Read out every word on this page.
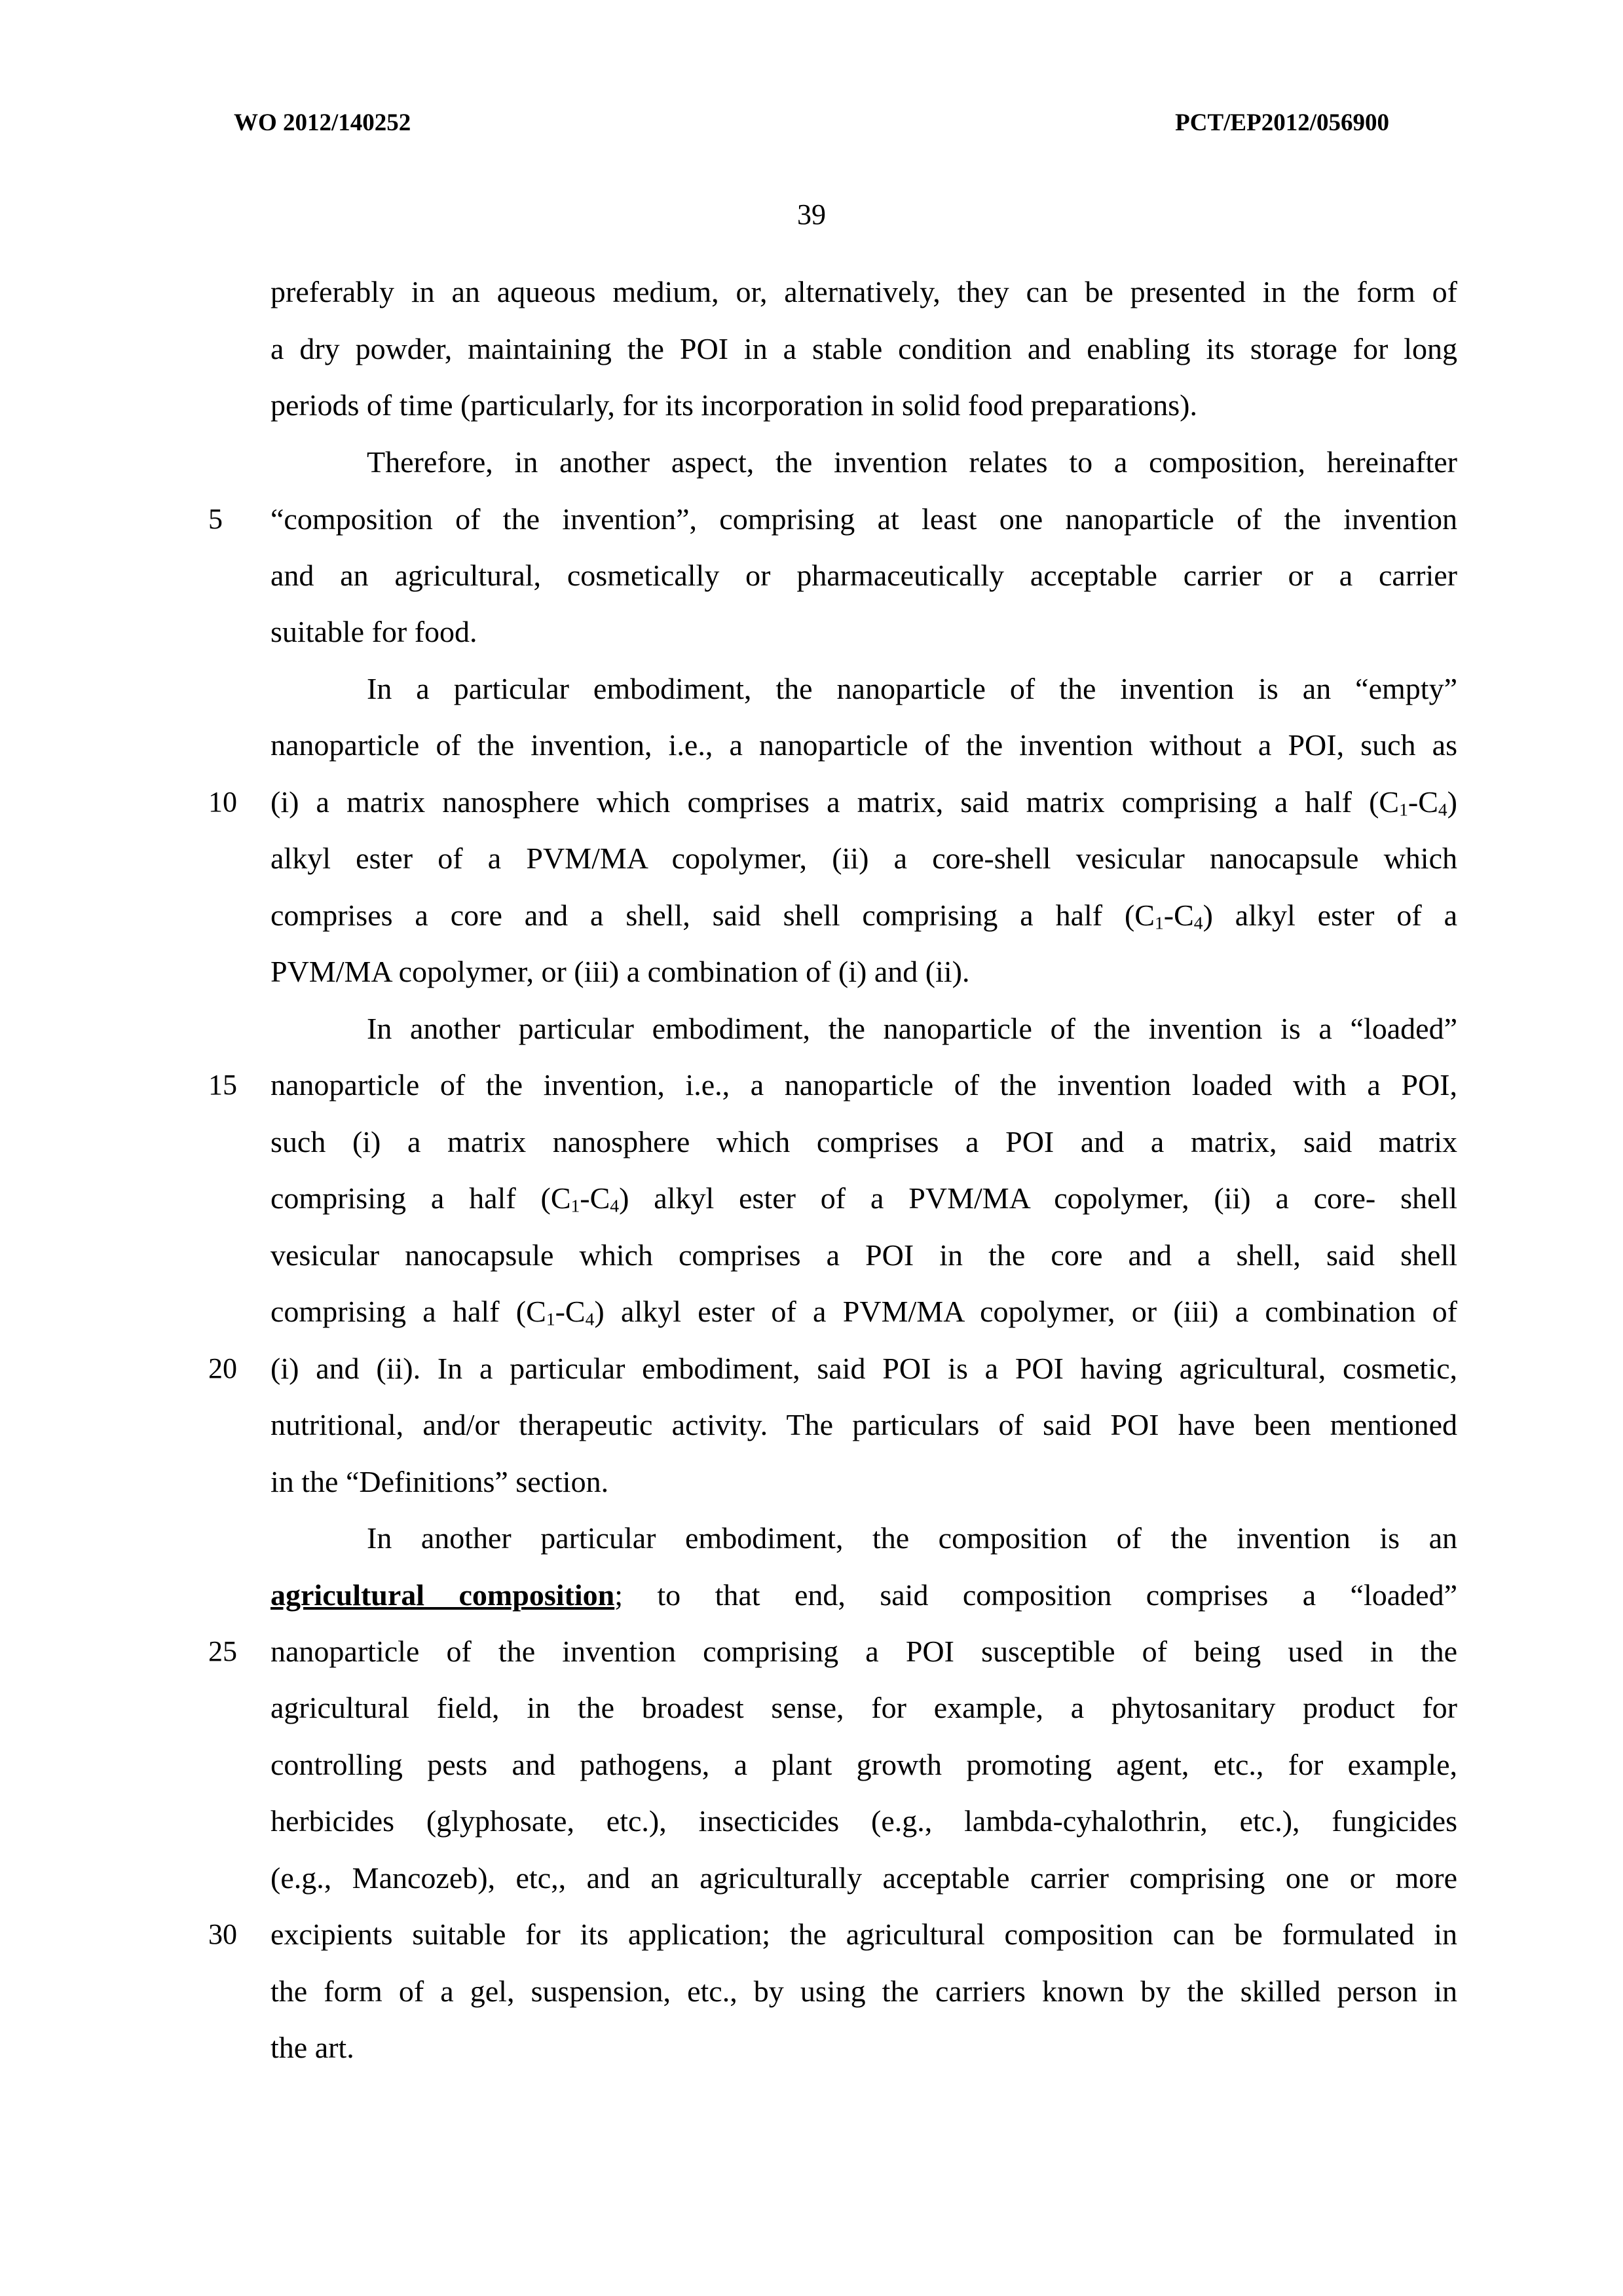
WO 2012/140252	PCT/EP2012/056900
39
5
10
15
20
25
30
preferably in an aqueous medium, or, alternatively, they can be presented in the form of
a dry powder, maintaining the POI in a stable condition and enabling its storage for long
periods of time (particularly, for its incorporation in solid food preparations).
Therefore, in another aspect, the invention relates to a composition, hereinafter
“composition of the invention”, comprising at least one nanoparticle of the invention
and an agricultural, cosmetically or pharmaceutically acceptable carrier or a carrier
suitable for food.
In a particular embodiment, the nanoparticle of the invention is an “empty”
nanoparticle of the invention, i.e., a nanoparticle of the invention without a POI, such as
(i) a matrix nanosphere which comprises a matrix, said matrix comprising a half $(C_1-C_4)$
alkyl ester of a PVM/MA copolymer, (ii) a core-shell vesicular nanocapsule which
comprises a core and a shell, said shell comprising a half $(C_1-C_4)$ alkyl ester of a
PVM/MA copolymer, or (iii) a combination of (i) and (ii).
In another particular embodiment, the nanoparticle of the invention is a “loaded”
nanoparticle of the invention, i.e., a nanoparticle of the invention loaded with a POI,
such (i) a matrix nanosphere which comprises a POI and a matrix, said matrix
comprising a half $(C_1-C_4)$ alkyl ester of a PVM/MA copolymer, (ii) a core- shell
vesicular nanocapsule which comprises a POI in the core and a shell, said shell
comprising a half $(C_1-C_4)$ alkyl ester of a PVM/MA copolymer, or (iii) a combination of
(i) and (ii). In a particular embodiment, said POI is a POI having agricultural, cosmetic,
nutritional, and/or therapeutic activity. The particulars of said POI have been mentioned
in the “Definitions” section.
In another particular embodiment, the composition of the invention is an
agricultural composition; to that end, said composition comprises a “loaded”
nanoparticle of the invention comprising a POI susceptible of being used in the
agricultural field, in the broadest sense, for example, a phytosanitary product for
controlling pests and pathogens, a plant growth promoting agent, etc., for example,
herbicides (glyphosate, etc.), insecticides (e.g., lambda-cyhalothrin, etc.), fungicides
(e.g., Mancozeb), etc,, and an agriculturally acceptable carrier comprising one or more
excipients suitable for its application; the agricultural composition can be formulated in
the form of a gel, suspension, etc., by using the carriers known by the skilled person in
the art.
